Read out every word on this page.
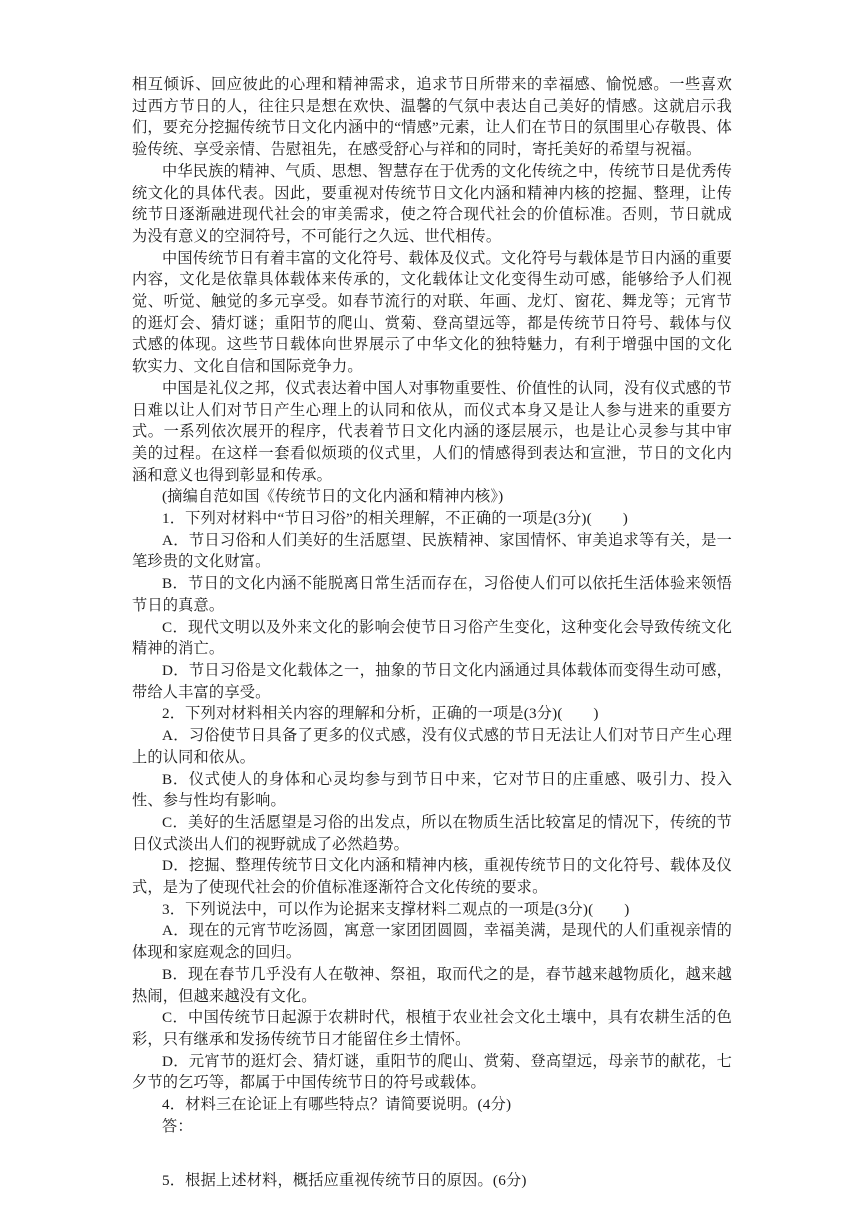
相互倾诉、回应彼此的心理和精神需求，追求节日所带来的幸福感、愉悦感。一些喜欢过西方节日的人，往往只是想在欢快、温馨的气氛中表达自己美好的情感。这就启示我们，要充分挖掘传统节日文化内涵中的“情感”元素，让人们在节日的氛围里心存敬畏、体验传统、享受亲情、告慰祖先，在感受舒心与祥和的同时，寄托美好的希望与祝福。

中华民族的精神、气质、思想、智慧存在于优秀的文化传统之中，传统节日是优秀传统文化的具体代表。因此，要重视对传统节日文化内涵和精神内核的挖掘、整理，让传统节日逐渐融进现代社会的审美需求，使之符合现代社会的价值标准。否则，节日就成为没有意义的空洞符号，不可能行之久远、世代相传。

中国传统节日有着丰富的文化符号、载体及仪式。文化符号与载体是节日内涵的重要内容，文化是依靠具体载体来传承的，文化载体让文化变得生动可感，能够给予人们视觉、听觉、触觉的多元享受。如春节流行的对联、年画、龙灯、窗花、舞龙等；元宵节的逛灯会、猜灯谜；重阳节的爬山、赏菊、登高望远等，都是传统节日符号、载体与仪式感的体现。这些节日载体向世界展示了中华文化的独特魅力，有利于增强中国的文化软实力、文化自信和国际竞争力。

中国是礼仪之邦，仪式表达着中国人对事物重要性、价值性的认同，没有仪式感的节日难以让人们对节日产生心理上的认同和依从，而仪式本身又是让人参与进来的重要方式。一系列依次展开的程序，代表着节日文化内涵的逐层展示，也是让心灵参与其中审美的过程。在这样一套看似烦琐的仪式里，人们的情感得到表达和宣泄，节日的文化内涵和意义也得到彰显和传承。

(摘编自范如国《传统节日的文化内涵和精神内核》)

1．下列对材料中“节日习俗”的相关理解，不正确的一项是(3分)(　　)

A．节日习俗和人们美好的生活愿望、民族精神、家国情怀、审美追求等有关，是一笔珍贵的文化财富。

B．节日的文化内涵不能脱离日常生活而存在，习俗使人们可以依托生活体验来领悟节日的真意。

C．现代文明以及外来文化的影响会使节日习俗产生变化，这种变化会导致传统文化精神的消亡。

D．节日习俗是文化载体之一，抽象的节日文化内涵通过具体载体而变得生动可感，带给人丰富的享受。

2．下列对材料相关内容的理解和分析，正确的一项是(3分)(　　)

A．习俗使节日具备了更多的仪式感，没有仪式感的节日无法让人们对节日产生心理上的认同和依从。

B．仪式使人的身体和心灵均参与到节日中来，它对节日的庄重感、吸引力、投入性、参与性均有影响。

C．美好的生活愿望是习俗的出发点，所以在物质生活比较富足的情况下，传统的节日仪式淡出人们的视野就成了必然趋势。

D．挖掘、整理传统节日文化内涵和精神内核，重视传统节日的文化符号、载体及仪式，是为了使现代社会的价值标准逐渐符合文化传统的要求。

3．下列说法中，可以作为论据来支撑材料二观点的一项是(3分)(　　)

A．现在的元宵节吃汤圆，寓意一家团团圆圆，幸福美满，是现代的人们重视亲情的体现和家庭观念的回归。

B．现在春节几乎没有人在敬神、祭祖，取而代之的是，春节越来越物质化，越来越热闹，但越来越没有文化。

C．中国传统节日起源于农耕时代，根植于农业社会文化土壤中，具有农耕生活的色彩，只有继承和发扬传统节日才能留住乡土情怀。

D．元宵节的逛灯会、猜灯谜，重阳节的爬山、赏菊、登高望远，母亲节的献花，七夕节的乞巧等，都属于中国传统节日的符号或载体。

4．材料三在论证上有哪些特点？请简要说明。(4分)

答：

5．根据上述材料，概括应重视传统节日的原因。(6分)
